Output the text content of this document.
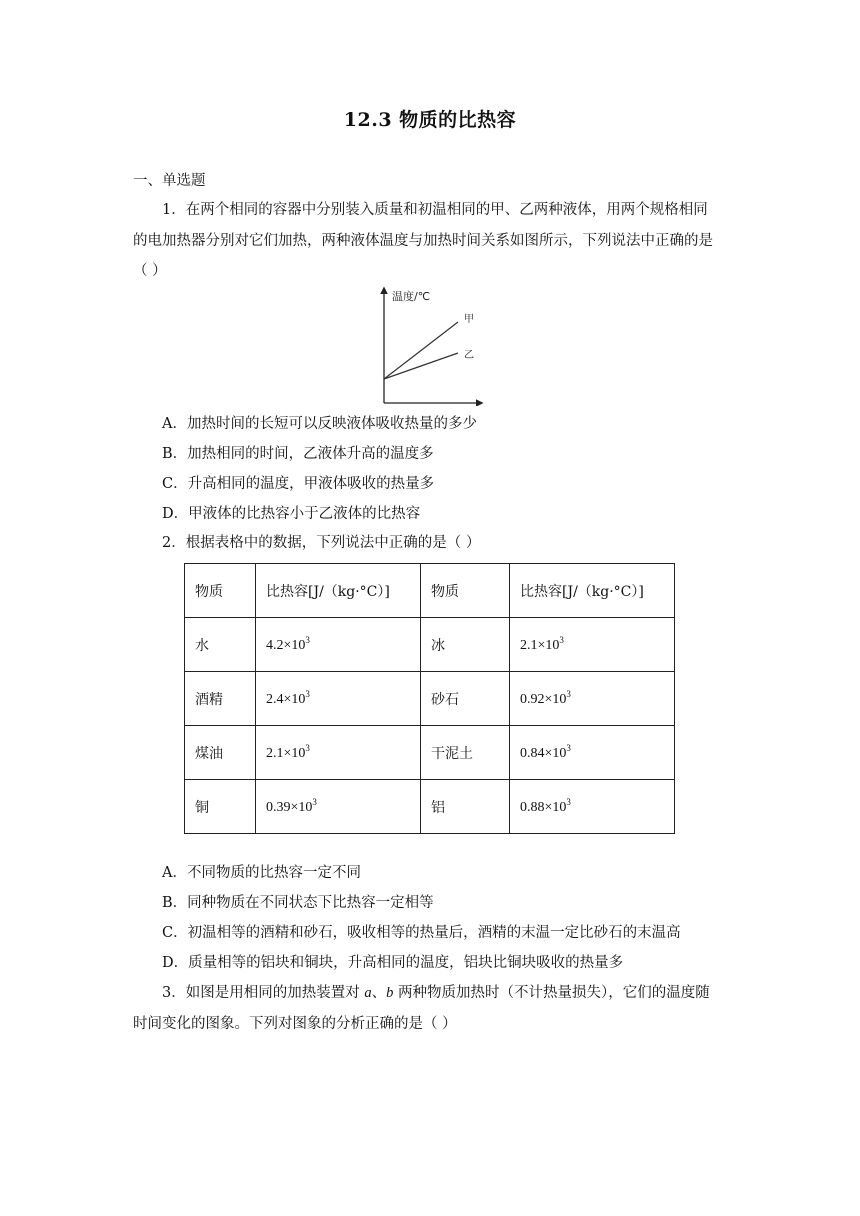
12.3 物质的比热容
一、单选题
1．在两个相同的容器中分别装入质量和初温相同的甲、乙两种液体，用两个规格相同
的电加热器分别对它们加热，两种液体温度与加热时间关系如图所示，下列说法中正确的是
（ ）
温度/℃
甲
乙
A．加热时间的长短可以反映液体吸收热量的多少
B．加热相同的时间，乙液体升高的温度多
C．升高相同的温度，甲液体吸收的热量多
D．甲液体的比热容小于乙液体的比热容
2．根据表格中的数据，下列说法中正确的是（ ）
物质	比热容[J/（kg·°C）]	物质	比热容[J/（kg·°C）]
水	$4.2\times 10^3$	冰	$2.1\times 10^3$
酒精	$2.4\times 10^3$	砂石	$0.92\times 10^3$
煤油	$2.1\times 10^3$	干泥土	$0.84\times 10^3$
铜	$0.39\times 10^3$	铝	$0.88\times 10^3$
A．不同物质的比热容一定不同
B．同种物质在不同状态下比热容一定相等
C．初温相等的酒精和砂石，吸收相等的热量后，酒精的末温一定比砂石的末温高
D．质量相等的铝块和铜块，升高相同的温度，铝块比铜块吸收的热量多
3．如图是用相同的加热装置对 a、b 两种物质加热时（不计热量损失），它们的温度随
时间变化的图象。下列对图象的分析正确的是（ ）
